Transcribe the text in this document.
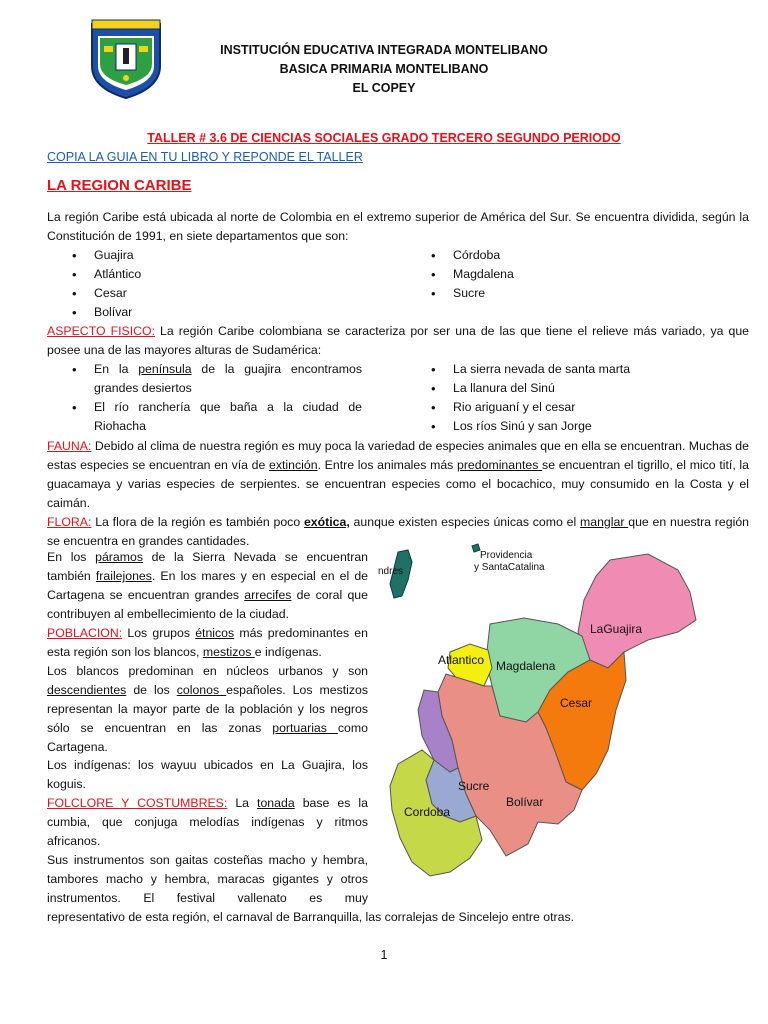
INSTITUCIÓN EDUCATIVA INTEGRADA MONTELIBANO
BASICA PRIMARIA MONTELIBANO
EL COPEY
TALLER # 3.6 DE CIENCIAS SOCIALES GRADO TERCERO SEGUNDO PERIODO
COPIA LA GUIA EN TU LIBRO Y REPONDE EL TALLER
LA REGION CARIBE
La región Caribe está ubicada al norte de Colombia en el extremo superior de América del Sur. Se encuentra dividida, según la Constitución de 1991, en siete departamentos que son:
• Guajira
• Atlántico
• Cesar
• Bolívar
• Córdoba
• Magdalena
• Sucre
ASPECTO FISICO: La región Caribe colombiana se caracteriza por ser una de las que tiene el relieve más variado, ya que posee una de las mayores alturas de Sudamérica:
• En la península de la guajira encontramos grandes desiertos
• El río ranchería que baña a la ciudad de Riohacha
• La sierra nevada de santa marta
• La llanura del Sinú
• Rio ariguaní y el cesar
• Los ríos Sinú y san Jorge
FAUNA: Debido al clima de nuestra región es muy poca la variedad de especies animales que en ella se encuentran. Muchas de estas especies se encuentran en vía de extinción. Entre los animales más predominantes se encuentran el tigrillo, el mico tití, la guacamaya y varias especies de serpientes. se encuentran especies como el bocachico, muy consumido en la Costa y el caimán.
FLORA: La flora de la región es también poco exótica, aunque existen especies únicas como el manglar que en nuestra región se encuentra en grandes cantidades.
En los páramos de la Sierra Nevada se encuentran también frailejones. En los mares y en especial en el de Cartagena se encuentran grandes arrecifes de coral que contribuyen al embellecimiento de la ciudad.
POBLACION: Los grupos étnicos más predominantes en esta región son los blancos, mestizos e indígenas.
Los blancos predominan en núcleos urbanos y son descendientes de los colonos españoles. Los mestizos representan la mayor parte de la población y los negros sólo se encuentran en las zonas portuarias como Cartagena.
Los indígenas: los wayuu ubicados en La Guajira, los koguis.
FOLCLORE Y COSTUMBRES: La tonada base es la cumbia, que conjuga melodías indígenas y ritmos africanos.
Sus instrumentos son gaitas costeñas macho y hembra, tambores macho y hembra, maracas gigantes y otros instrumentos. El festival vallenato es muy
representativo de esta región, el carnaval de Barranquilla, las corralejas de Sincelejo entre otras.
1
Providencia
y SantaCatalina
ndres
LaGuajira
Atlantico Magdalena
Cesar
Sucre
Bolívar
Cordoba
